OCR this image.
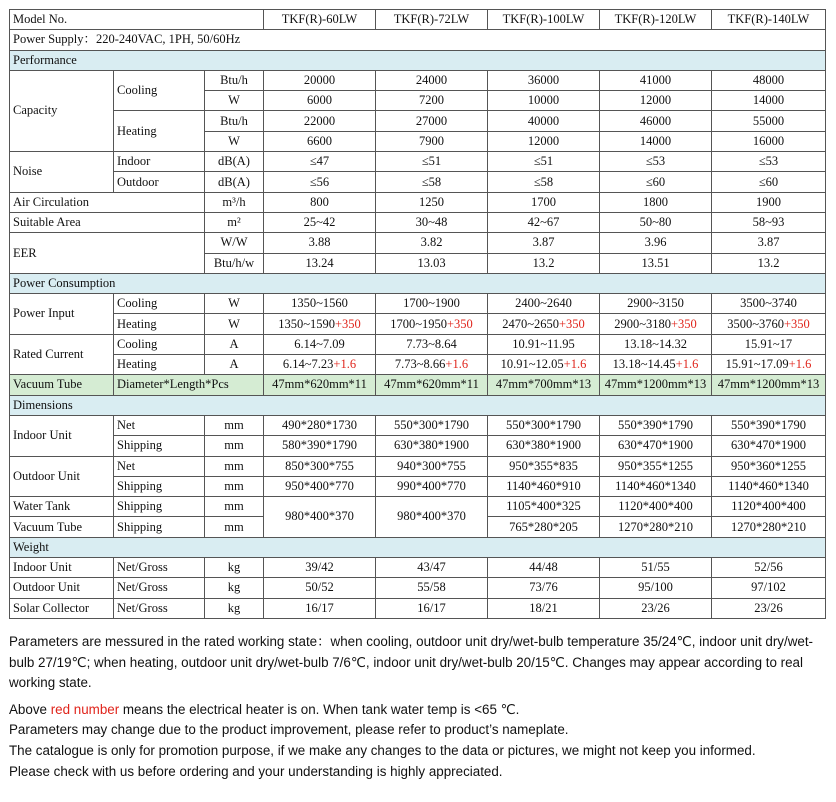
Model No.			TKF(R)-60LW	TKF(R)-72LW	TKF(R)-100LW	TKF(R)-120LW	TKF(R)-140LW
Power Supply：220-240VAC, 1PH, 50/60Hz							
Performance							
Capacity	Cooling	Btu/h	20000	24000	36000	41000	48000
		W	6000	7200	10000	12000	14000
	Heating	Btu/h	22000	27000	40000	46000	55000
		W	6600	7900	12000	14000	16000
Noise	Indoor	dB(A)	≤47	≤51	≤51	≤53	≤53
	Outdoor	dB(A)	≤56	≤58	≤58	≤60	≤60
Air Circulation		m³/h	800	1250	1700	1800	1900
Suitable Area		m²	25~42	30~48	42~67	50~80	58~93
EER		W/W	3.88	3.82	3.87	3.96	3.87
		Btu/h/w	13.24	13.03	13.2	13.51	13.2
Power Consumption							
Power Input	Cooling	W	1350~1560	1700~1900	2400~2640	2900~3150	3500~3740
	Heating	W	1350~1590+350	1700~1950+350	2470~2650+350	2900~3180+350	3500~3760+350
Rated Current	Cooling	A	6.14~7.09	7.73~8.64	10.91~11.95	13.18~14.32	15.91~17
	Heating	A	6.14~7.23+1.6	7.73~8.66+1.6	10.91~12.05+1.6	13.18~14.45+1.6	15.91~17.09+1.6
Vacuum Tube	Diameter*Length*Pcs		47mm*620mm*11	47mm*620mm*11	47mm*700mm*13	47mm*1200mm*13	47mm*1200mm*13
Dimensions							
Indoor Unit	Net	mm	490*280*1730	550*300*1790	550*300*1790	550*390*1790	550*390*1790
	Shipping	mm	580*390*1790	630*380*1900	630*380*1900	630*470*1900	630*470*1900
Outdoor Unit	Net	mm	850*300*755	940*300*755	950*355*835	950*355*1255	950*360*1255
	Shipping	mm	950*400*770	990*400*770	1140*460*910	1140*460*1340	1140*460*1340
Water Tank	Shipping	mm	980*400*370	980*400*370	1105*400*325	1120*400*400	1120*400*400
Vacuum Tube	Shipping	mm			765*280*205	1270*280*210	1270*280*210
Weight							
Indoor Unit	Net/Gross	kg	39/42	43/47	44/48	51/55	52/56
Outdoor Unit	Net/Gross	kg	50/52	55/58	73/76	95/100	97/102
Solar Collector	Net/Gross	kg	16/17	16/17	18/21	23/26	23/26

Parameters are messured in the rated working state：when cooling, outdoor unit dry/wet-bulb temperature 35/24℃, indoor unit dry/wet-bulb 27/19℃; when heating, outdoor unit dry/wet-bulb 7/6℃, indoor unit dry/wet-bulb 20/15℃. Changes may appear according to real working state.

Above red number means the electrical heater is on. When tank water temp is <65 ℃.

Parameters may change due to the product improvement, please refer to product’s nameplate.

The catalogue is only for promotion purpose, if we make any changes to the data or pictures, we might not keep you informed.

Please check with us before ordering and your understanding is highly appreciated.
